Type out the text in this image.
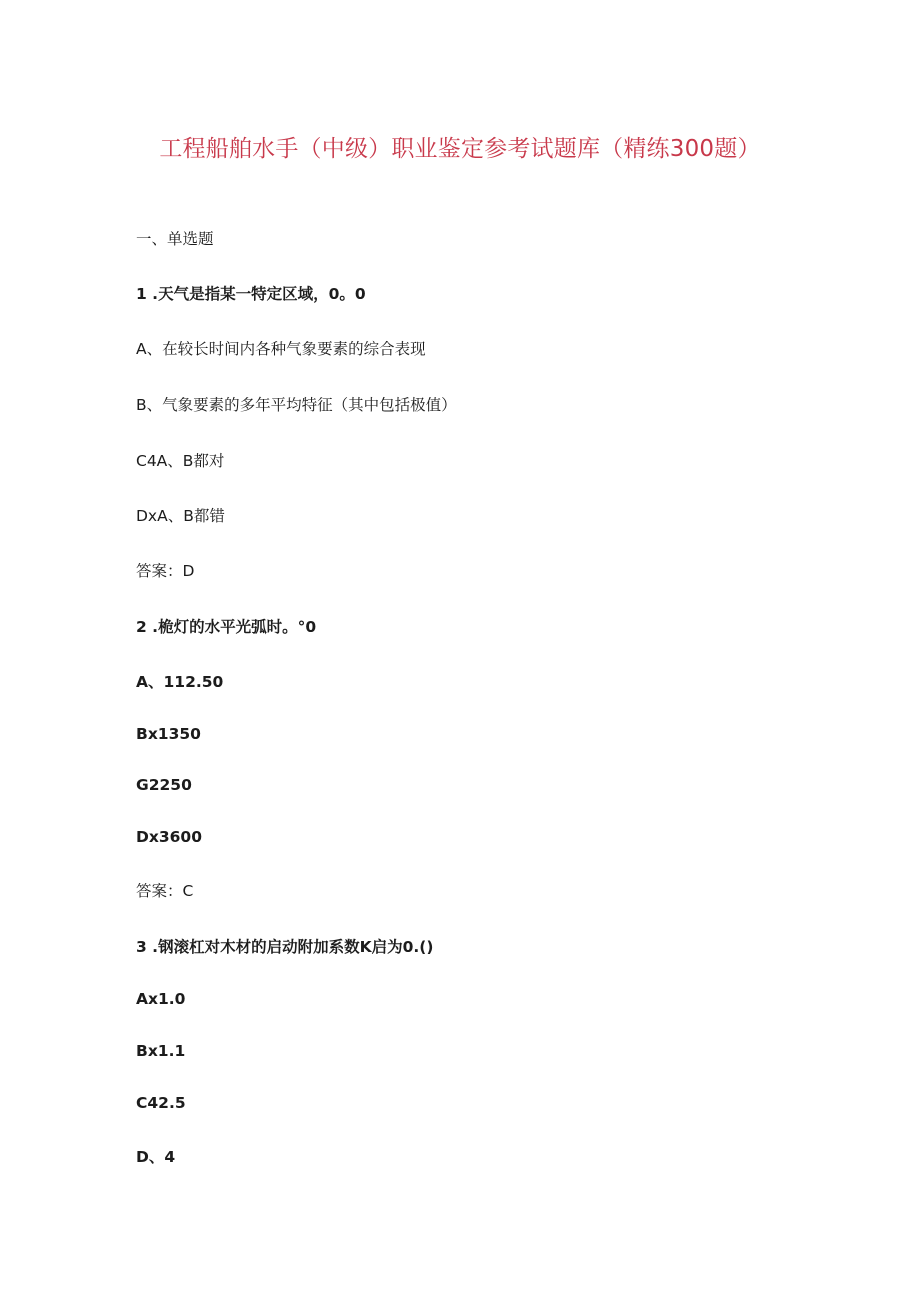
工程船舶水手（中级）职业鉴定参考试题库（精练300题）
一、单选题
1 .天气是指某一特定区域，0。0
A、在较长时间内各种气象要素的综合表现
B、气象要素的多年平均特征（其中包括极值）
C4A、B都对
DxA、B都错
答案：D
2 .桅灯的水平光弧时。°0
A、112.50
Bx1350
G2250
Dx3600
答案：C
3 .钢滚杠对木材的启动附加系数K启为0.()
Ax1.0
Bx1.1
C42.5
D、4
